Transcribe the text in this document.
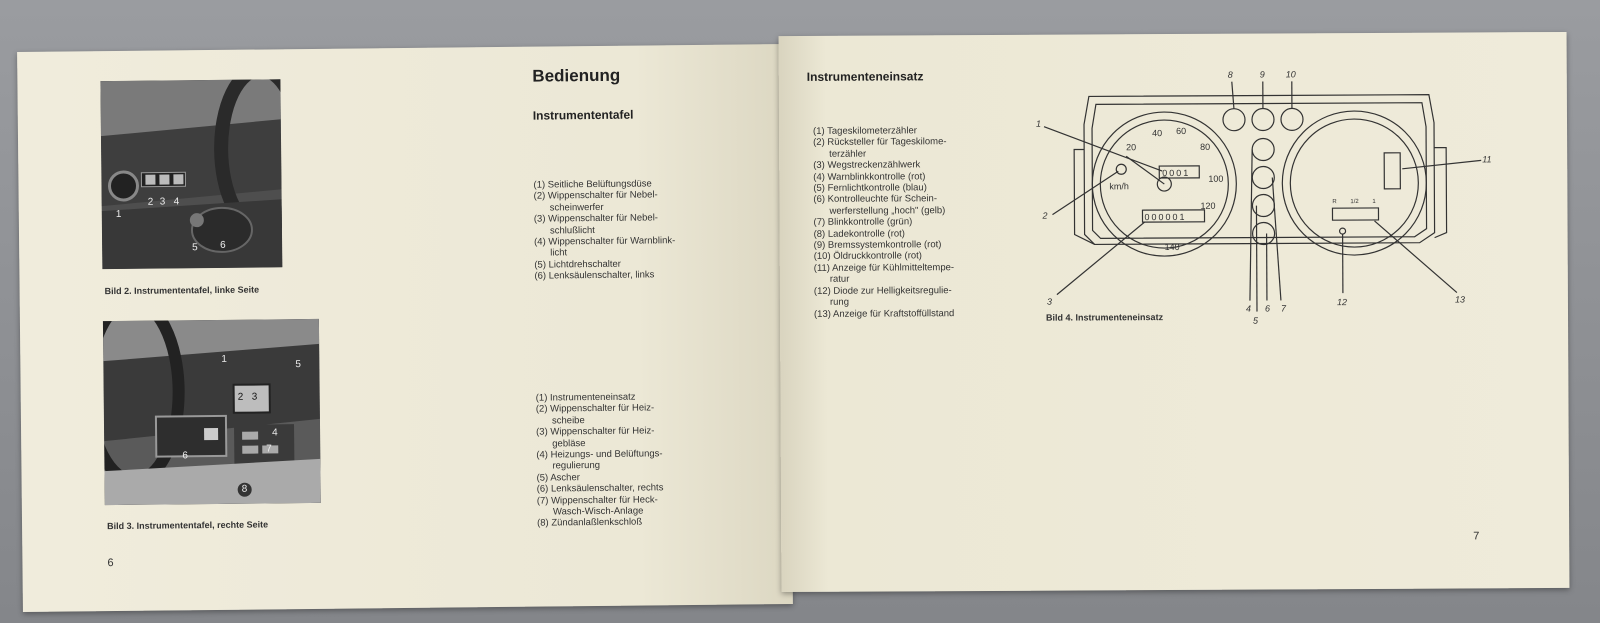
1
2 3 4
5 6
Bild 2. Instrumententafel, linke Seite
1
2 3
4
5
6
7
8
Bild 3. Instrumententafel, rechte Seite
Bedienung
Instrumententafel
(1) Seitliche Belüftungsdüse
(2) Wippenschalter für Nebel-
scheinwerfer
(3) Wippenschalter für Nebel-
schlußlicht
(4) Wippenschalter für Warnblink-
licht
(5) Lichtdrehschalter
(6) Lenksäulenschalter, links
(1) Instrumenteneinsatz
(2) Wippenschalter für Heiz-
scheibe
(3) Wippenschalter für Heiz-
gebläse
(4) Heizungs- und Belüftungs-
regulierung
(5) Ascher
(6) Lenksäulenschalter, rechts
(7) Wippenschalter für Heck-
Wasch-Wisch-Anlage
(8) Zündanlaßlenkschloß
6
Instrumenteneinsatz
(1) Tageskilometerzähler
(2) Rücksteller für Tageskilome-
terzähler
(3) Wegstreckenzählwerk
(4) Warnblinkkontrolle (rot)
(5) Fernlichtkontrolle (blau)
(6) Kontrolleuchte für Schein-
werferstellung „hoch" (gelb)
(7) Blinkkontrolle (grün)
(8) Ladekontrolle (rot)
(9) Bremssystemkontrolle (rot)
(10) Öldruckkontrolle (rot)
(11) Anzeige für Kühlmitteltempe-
ratur
(12) Diode zur Helligkeitsregulie-
rung
(13) Anzeige für Kraftstoffüllstand
20
40 60
80
100
120
140
km/h
0001
000001
R 1/2 1
1
2
3
4
5
6 7
8	9 10
11
12	13
Bild 4. Instrumenteneinsatz
7
